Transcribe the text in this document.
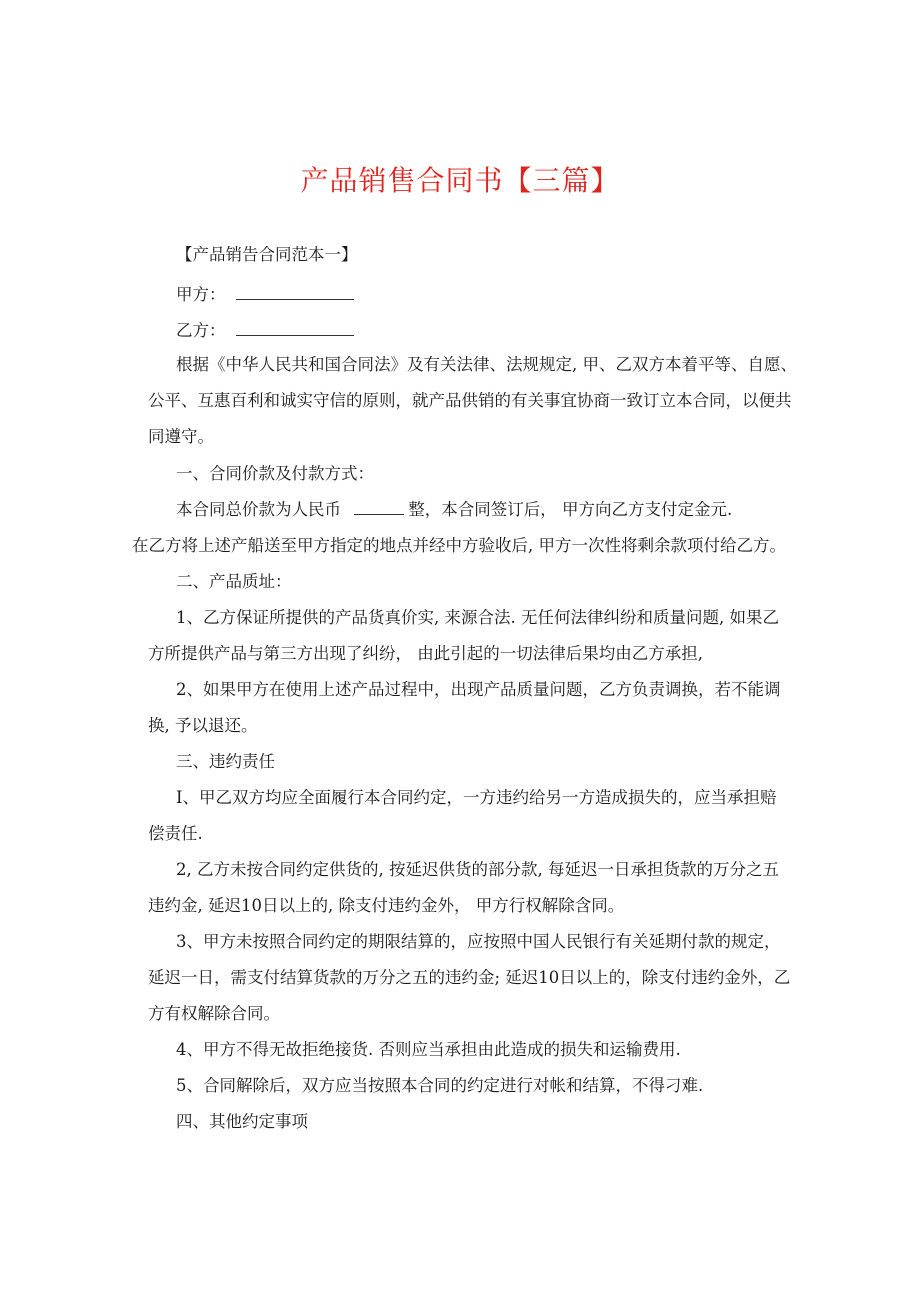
产品销售合同书【三篇】
【产品销告合同范本一】
甲方：
乙方：
根据《中华人民共和国合同法》及有关法律、法规规定, 甲、乙双方本着平等、自愿、
公平、互惠百利和诚实守信的原则，就产品供销的有关事宜协商一致订立本合同，以便共
同遵守。
一、合同价款及付款方式：
本合同总价款为人民币	整，本合同签订后， 甲方向乙方支付定金元.
在乙方将上述产船送至甲方指定的地点并经中方验收后, 甲方一次性将剩余款项付给乙方。
二、产品质址：
1、乙方保证所提供的产品货真价实, 来源合法. 无任何法律纠纷和质量问题, 如果乙
方所提供产品与第三方出现了纠纷， 由此引起的一切法律后果均由乙方承担,
2、如果甲方在使用上述产品过程中，出现产品质量问题，乙方负责调换，若不能调
换, 予以退还。
三、违约责任
I、甲乙双方均应全面履行本合同约定，一方违约给另一方造成损失的，应当承担赔
偿责任.
2, 乙方未按合同约定供货的, 按延迟供货的部分款, 每延迟一日承担货款的万分之五
违约金, 延迟10日以上的, 除支付违约金外， 甲方行权解除含同。
3、甲方未按照合同约定的期限结算的，应按照中国人民银行有关延期付款的规定，
延迟一日，需支付结算货款的万分之五的违约金; 延迟10日以上的，除支付违约金外，乙
方有权解除合同。
4、甲方不得无故拒绝接货. 否则应当承担由此造成的损失和运输费用.
5、合同解除后，双方应当按照本合同的约定进行对帐和结算，不得刁难.
四、其他约定事项
